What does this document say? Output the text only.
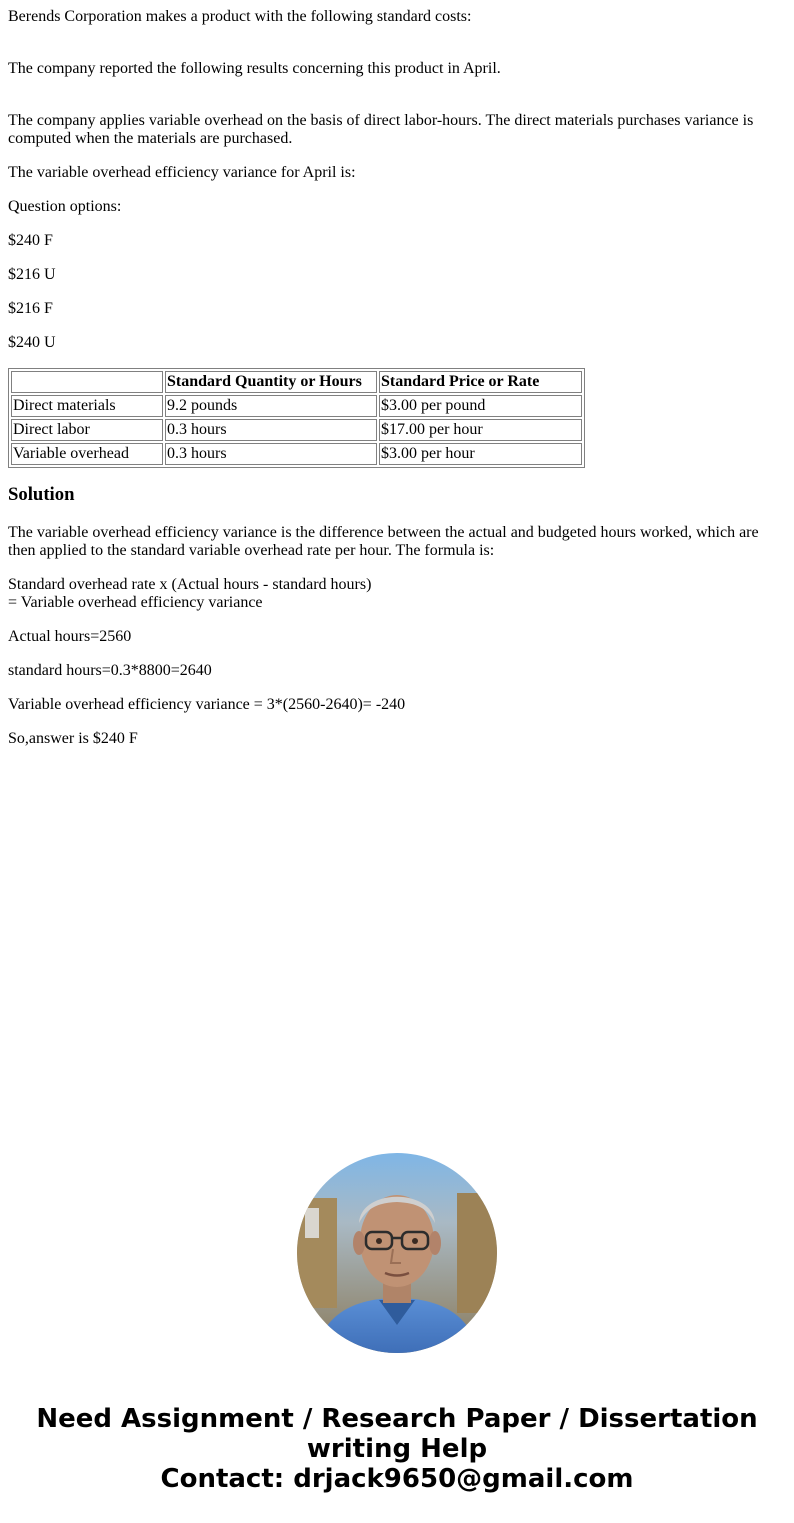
Berends Corporation makes a product with the following standard costs:

The company reported the following results concerning this product in April.

The company applies variable overhead on the basis of direct labor-hours. The direct materials purchases variance is computed when the materials are purchased.

The variable overhead efficiency variance for April is:

Question options:

$240 F

$216 U

$216 F

$240 U

	Standard Quantity or Hours	Standard Price or Rate
Direct materials	9.2 pounds	$3.00 per pound
Direct labor	0.3 hours	$17.00 per hour
Variable overhead	0.3 hours	$3.00 per hour
Solution

The variable overhead efficiency variance is the difference between the actual and budgeted hours worked, which are then applied to the standard variable overhead rate per hour. The formula is:

Standard overhead rate x (Actual hours - standard hours)
= Variable overhead efficiency variance

Actual hours=2560

standard hours=0.3*8800=2640

Variable overhead efficiency variance = 3*(2560-2640)= -240

So,answer is $240 F

Need Assignment / Research Paper / Dissertation
writing Help
Contact: drjack9650@gmail.com
